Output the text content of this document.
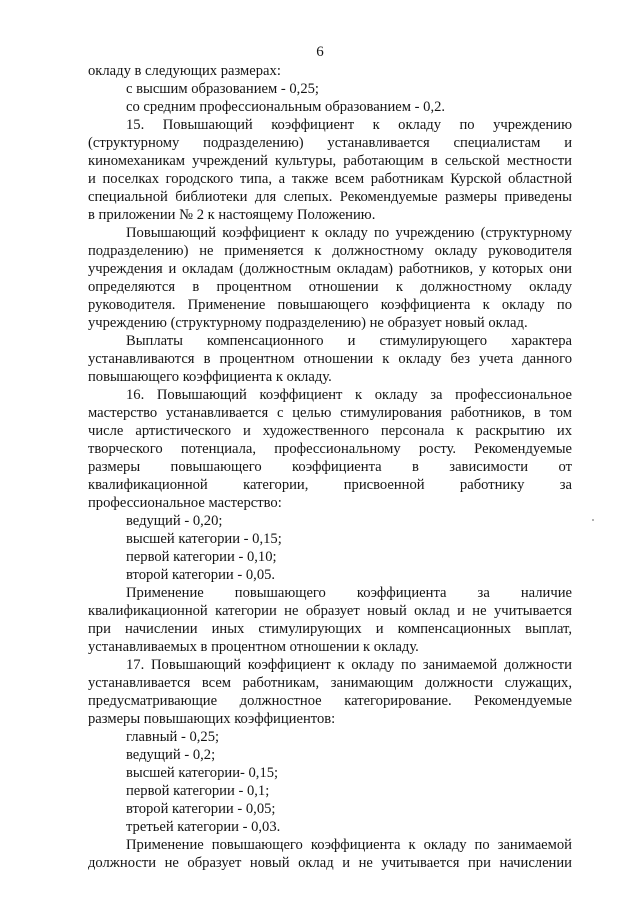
6
окладу в следующих размерах:
с высшим образованием - 0,25;
со средним профессиональным образованием - 0,2.
15.  Повышающий  коэффициент  к  окладу  по  учреждению
(структурному  подразделению)  устанавливается  специалистам  и
киномеханикам учреждений культуры, работающим в сельской местности
и поселках городского типа, а также всем работникам Курской областной
специальной библиотеки для слепых. Рекомендуемые размеры приведены
в приложении № 2 к настоящему Положению.
Повышающий коэффициент к окладу по учреждению (структурному
подразделению) не применяется к должностному окладу руководителя
учреждения и окладам (должностным окладам) работников, у которых они
определяются  в  процентном  отношении  к  должностному  окладу
руководителя. Применение повышающего коэффициента к окладу по
учреждению (структурному подразделению) не образует новый оклад.
Выплаты  компенсационного  и  стимулирующего  характера
устанавливаются в процентном отношении к окладу без учета данного
повышающего коэффициента к окладу.
16. Повышающий коэффициент к окладу за профессиональное
мастерство устанавливается с целью стимулирования работников, в том
числе артистического и художественного персонала к раскрытию их
творческого потенциала, профессиональному росту. Рекомендуемые
размеры  повышающего  коэффициента  в  зависимости  от
квалификационной  категории,  присвоенной  работнику  за
профессиональное мастерство:
ведущий - 0,20;
высшей категории - 0,15;
первой категории - 0,10;
второй категории - 0,05.
Применение  повышающего  коэффициента  за  наличие
квалификационной категории не образует новый оклад и не учитывается
при начислении иных стимулирующих и компенсационных выплат,
устанавливаемых в процентном отношении к окладу.
17. Повышающий коэффициент к окладу по занимаемой должности
устанавливается всем работникам, занимающим должности служащих,
предусматривающие  должностное  категорирование.  Рекомендуемые
размеры повышающих коэффициентов:
главный - 0,25;
ведущий - 0,2;
высшей категории- 0,15;
первой категории - 0,1;
второй категории - 0,05;
третьей категории - 0,03.
Применение повышающего коэффициента к окладу по занимаемой
должности не образует новый оклад и не учитывается при начислении
